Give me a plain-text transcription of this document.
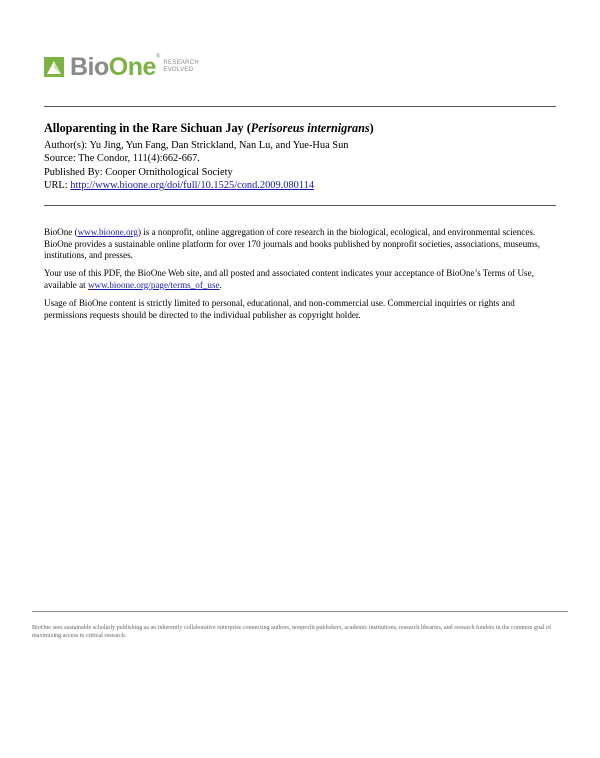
BioOne ®
RESEARCH
EVOLVED
Alloparenting in the Rare Sichuan Jay (Perisoreus internigrans)
Author(s): Yu Jing, Yun Fang, Dan Strickland, Nan Lu, and Yue-Hua Sun
Source: The Condor, 111(4):662-667.
Published By: Cooper Ornithological Society
URL: http://www.bioone.org/doi/full/10.1525/cond.2009.080114
BioOne (www.bioone.org) is a nonprofit, online aggregation of core research in the biological, ecological, and environmental sciences. BioOne provides a sustainable online platform for over 170 journals and books published by nonprofit societies, associations, museums, institutions, and presses.
Your use of this PDF, the BioOne Web site, and all posted and associated content indicates your acceptance of BioOne’s Terms of Use, available at www.bioone.org/page/terms_of_use.
Usage of BioOne content is strictly limited to personal, educational, and non-commercial use. Commercial inquiries or rights and permissions requests should be directed to the individual publisher as copyright holder.
BioOne sees sustainable scholarly publishing as an inherently collaborative enterprise connecting authors, nonprofit publishers, academic institutions, research libraries, and research funders in the common goal of maximizing access to critical research.
